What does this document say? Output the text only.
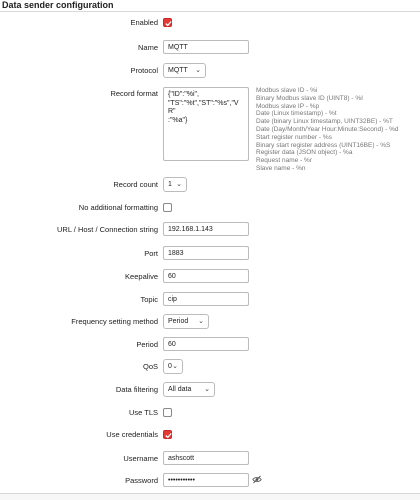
Data sender configuration
Enabled
Name	MQTT
Protocol	MQTT ⌄
Record format	{"ID":"%i",
"TS":"%t","ST":"%s","VR"
:"%a"}
Modbus slave ID - %i
Binary Modbus slave ID (UINT8) - %I
Modbus slave IP - %p
Date (Linux timestamp) - %t
Date (binary Linux timestamp, UINT32BE) - %T
Date (Day/Month/Year Hour:Minute:Second) - %d
Start register number - %s
Binary start register address (UINT16BE) - %S
Register data (JSON object) - %a
Request name - %r
Slave name - %n
Record count	1 ⌄
No additional formatting
URL / Host / Connection string	192.168.1.143
Port	1883
Keepalive	60
Topic	cip
Frequency setting method	Period ⌄
Period	60
QoS	0 ⌄
Data filtering	All data ⌄
Use TLS
Use credentials
Username	ashscott
Password	•••••••••••
